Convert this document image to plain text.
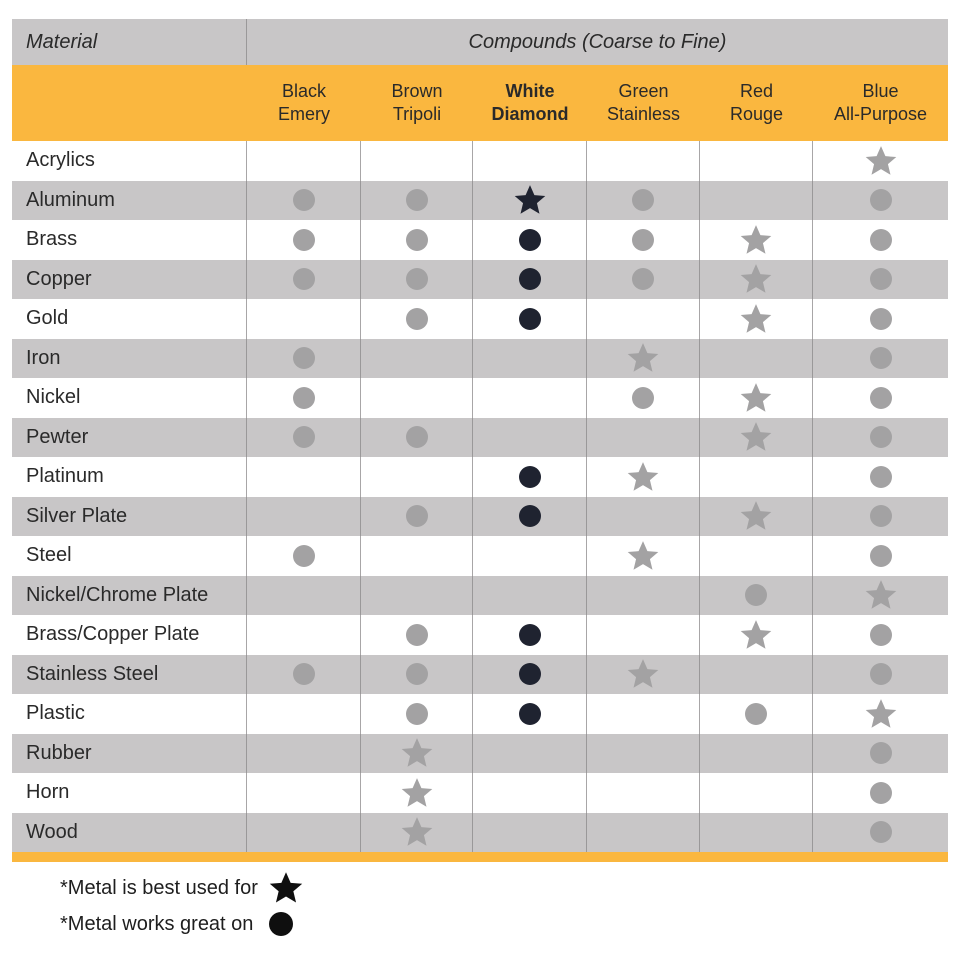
Material	Compounds (Coarse to Fine)
Black
Emery
Brown
Tripoli
White
Diamond
Green
Stainless
Red
Rouge
Blue
All-Purpose
Acrylics
Aluminum
Brass
Copper
Gold
Iron
Nickel
Pewter
Platinum
Silver Plate
Steel
Nickel/Chrome Plate
Brass/Copper Plate
Stainless Steel
Plastic
Rubber
Horn
Wood
*Metal is best used for
*Metal works great on
